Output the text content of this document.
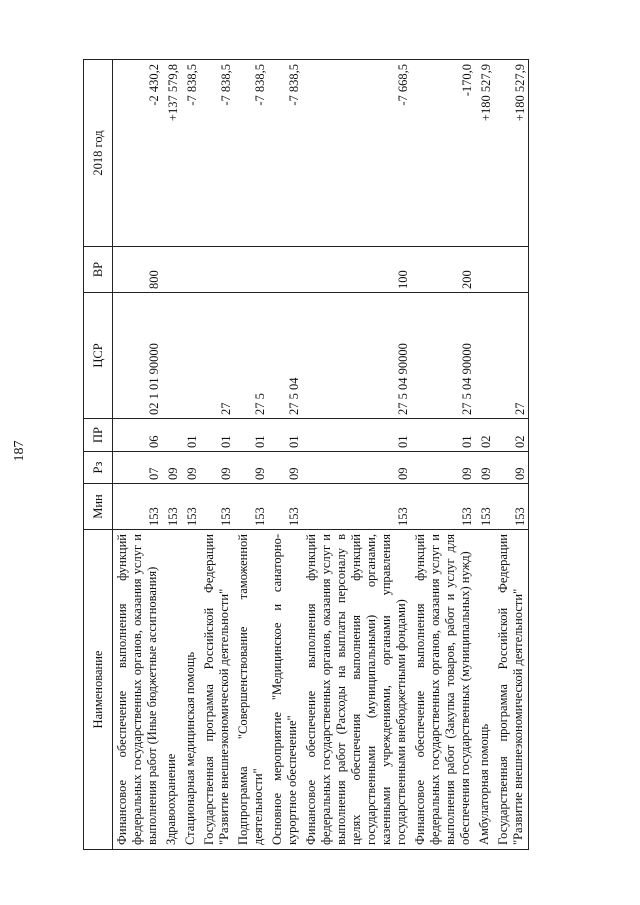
187
Наименование	Мин	Рз	ПР	ЦСР	ВР	2018 год
Финансовое обеспечение выполнения функций федеральных государственных органов, оказания услуг и выполнения работ (Иные бюджетные ассигнования)	153	07	06	02 1 01 90000	800	-2 430,2
Здравоохранение	153	09				+137 579,8
Стационарная медицинская помощь	153	09	01			-7 838,5
Государственная программа Российской Федерации "Развитие внешнеэкономической деятельности"	153	09	01	27		-7 838,5
Подпрограмма "Совершенствование таможенной деятельности"	153	09	01	27 5		-7 838,5
Основное мероприятие "Медицинское и санаторно-курортное обеспечение"	153	09	01	27 5 04		-7 838,5
Финансовое обеспечение выполнения функций федеральных государственных органов, оказания услуг и выполнения работ (Расходы на выплаты персоналу в целях обеспечения выполнения функций государственными (муниципальными) органами, казенными учреждениями, органами управления государственными внебюджетными фондами)	153	09	01	27 5 04 90000	100	-7 668,5
Финансовое обеспечение выполнения функций федеральных государственных органов, оказания услуг и выполнения работ (Закупка товаров, работ и услуг для обеспечения государственных (муниципальных) нужд)	153	09	01	27 5 04 90000	200	-170,0
Амбулаторная помощь	153	09	02			+180 527,9
Государственная программа Российской Федерации "Развитие внешнеэкономической деятельности"	153	09	02	27		+180 527,9
